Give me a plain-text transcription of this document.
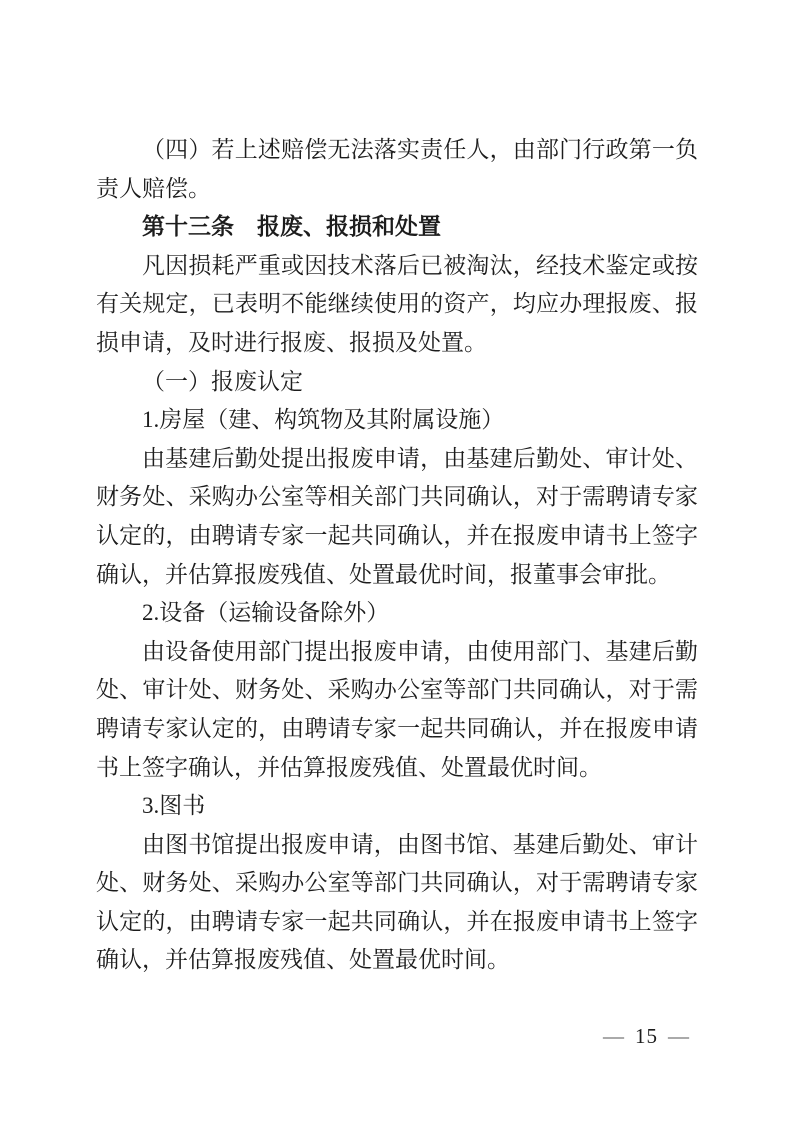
（四）若上述赔偿无法落实责任人，由部门行政第一负责人赔偿。

第十三条　报废、报损和处置

凡因损耗严重或因技术落后已被淘汰，经技术鉴定或按有关规定，已表明不能继续使用的资产，均应办理报废、报损申请，及时进行报废、报损及处置。

（一）报废认定

1.房屋（建、构筑物及其附属设施）

由基建后勤处提出报废申请，由基建后勤处、审计处、财务处、采购办公室等相关部门共同确认，对于需聘请专家认定的，由聘请专家一起共同确认，并在报废申请书上签字确认，并估算报废残值、处置最优时间，报董事会审批。

2.设备（运输设备除外）

由设备使用部门提出报废申请，由使用部门、基建后勤处、审计处、财务处、采购办公室等部门共同确认，对于需聘请专家认定的，由聘请专家一起共同确认，并在报废申请书上签字确认，并估算报废残值、处置最优时间。

3.图书

由图书馆提出报废申请，由图书馆、基建后勤处、审计处、财务处、采购办公室等部门共同确认，对于需聘请专家认定的，由聘请专家一起共同确认，并在报废申请书上签字确认，并估算报废残值、处置最优时间。

— 15 —
